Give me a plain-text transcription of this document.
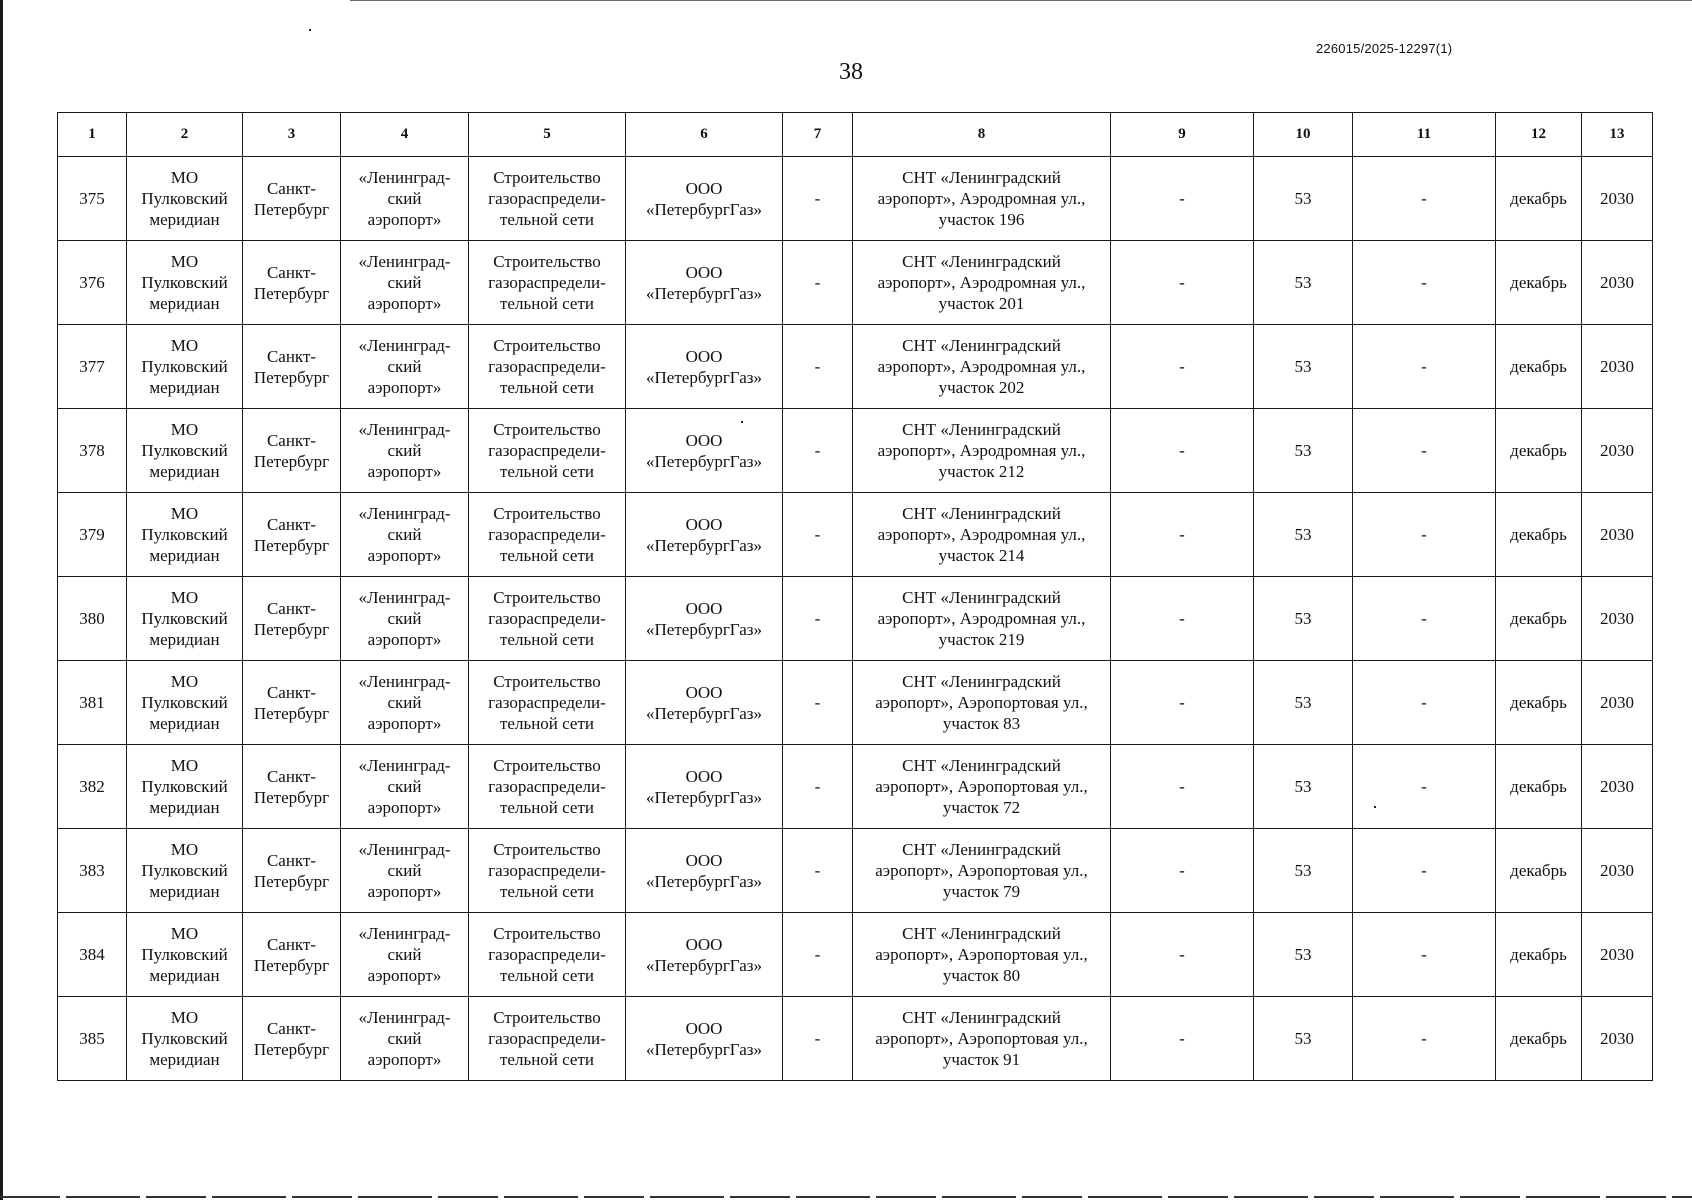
226015/2025-12297(1)
38
1	2	3	4	5	6	7	8	9	10	11	12	13
375	МО
Пулковский
меридиан	Санкт-
Петербург	«Ленинград-
ский
аэропорт»	Строительство
газораспредели-
тельной сети	ООО
«ПетербургГаз»	-	СНТ «Ленинградский
аэропорт», Аэродромная ул.,
участок 196	-	53	-	декабрь	2030
376	МО
Пулковский
меридиан	Санкт-
Петербург	«Ленинград-
ский
аэропорт»	Строительство
газораспредели-
тельной сети	ООО
«ПетербургГаз»	-	СНТ «Ленинградский
аэропорт», Аэродромная ул.,
участок 201	-	53	-	декабрь	2030
377	МО
Пулковский
меридиан	Санкт-
Петербург	«Ленинград-
ский
аэропорт»	Строительство
газораспредели-
тельной сети	ООО
«ПетербургГаз»	-	СНТ «Ленинградский
аэропорт», Аэродромная ул.,
участок 202	-	53	-	декабрь	2030
378	МО
Пулковский
меридиан	Санкт-
Петербург	«Ленинград-
ский
аэропорт»	Строительство
газораспредели-
тельной сети	ООО
«ПетербургГаз»	-	СНТ «Ленинградский
аэропорт», Аэродромная ул.,
участок 212	-	53	-	декабрь	2030
379	МО
Пулковский
меридиан	Санкт-
Петербург	«Ленинград-
ский
аэропорт»	Строительство
газораспредели-
тельной сети	ООО
«ПетербургГаз»	-	СНТ «Ленинградский
аэропорт», Аэродромная ул.,
участок 214	-	53	-	декабрь	2030
380	МО
Пулковский
меридиан	Санкт-
Петербург	«Ленинград-
ский
аэропорт»	Строительство
газораспредели-
тельной сети	ООО
«ПетербургГаз»	-	СНТ «Ленинградский
аэропорт», Аэродромная ул.,
участок 219	-	53	-	декабрь	2030
381	МО
Пулковский
меридиан	Санкт-
Петербург	«Ленинград-
ский
аэропорт»	Строительство
газораспредели-
тельной сети	ООО
«ПетербургГаз»	-	СНТ «Ленинградский
аэропорт», Аэропортовая ул.,
участок 83	-	53	-	декабрь	2030
382	МО
Пулковский
меридиан	Санкт-
Петербург	«Ленинград-
ский
аэропорт»	Строительство
газораспредели-
тельной сети	ООО
«ПетербургГаз»	-	СНТ «Ленинградский
аэропорт», Аэропортовая ул.,
участок 72	-	53	-	декабрь	2030
383	МО
Пулковский
меридиан	Санкт-
Петербург	«Ленинград-
ский
аэропорт»	Строительство
газораспредели-
тельной сети	ООО
«ПетербургГаз»	-	СНТ «Ленинградский
аэропорт», Аэропортовая ул.,
участок 79	-	53	-	декабрь	2030
384	МО
Пулковский
меридиан	Санкт-
Петербург	«Ленинград-
ский
аэропорт»	Строительство
газораспредели-
тельной сети	ООО
«ПетербургГаз»	-	СНТ «Ленинградский
аэропорт», Аэропортовая ул.,
участок 80	-	53	-	декабрь	2030
385	МО
Пулковский
меридиан	Санкт-
Петербург	«Ленинград-
ский
аэропорт»	Строительство
газораспредели-
тельной сети	ООО
«ПетербургГаз»	-	СНТ «Ленинградский
аэропорт», Аэропортовая ул.,
участок 91	-	53	-	декабрь	2030
